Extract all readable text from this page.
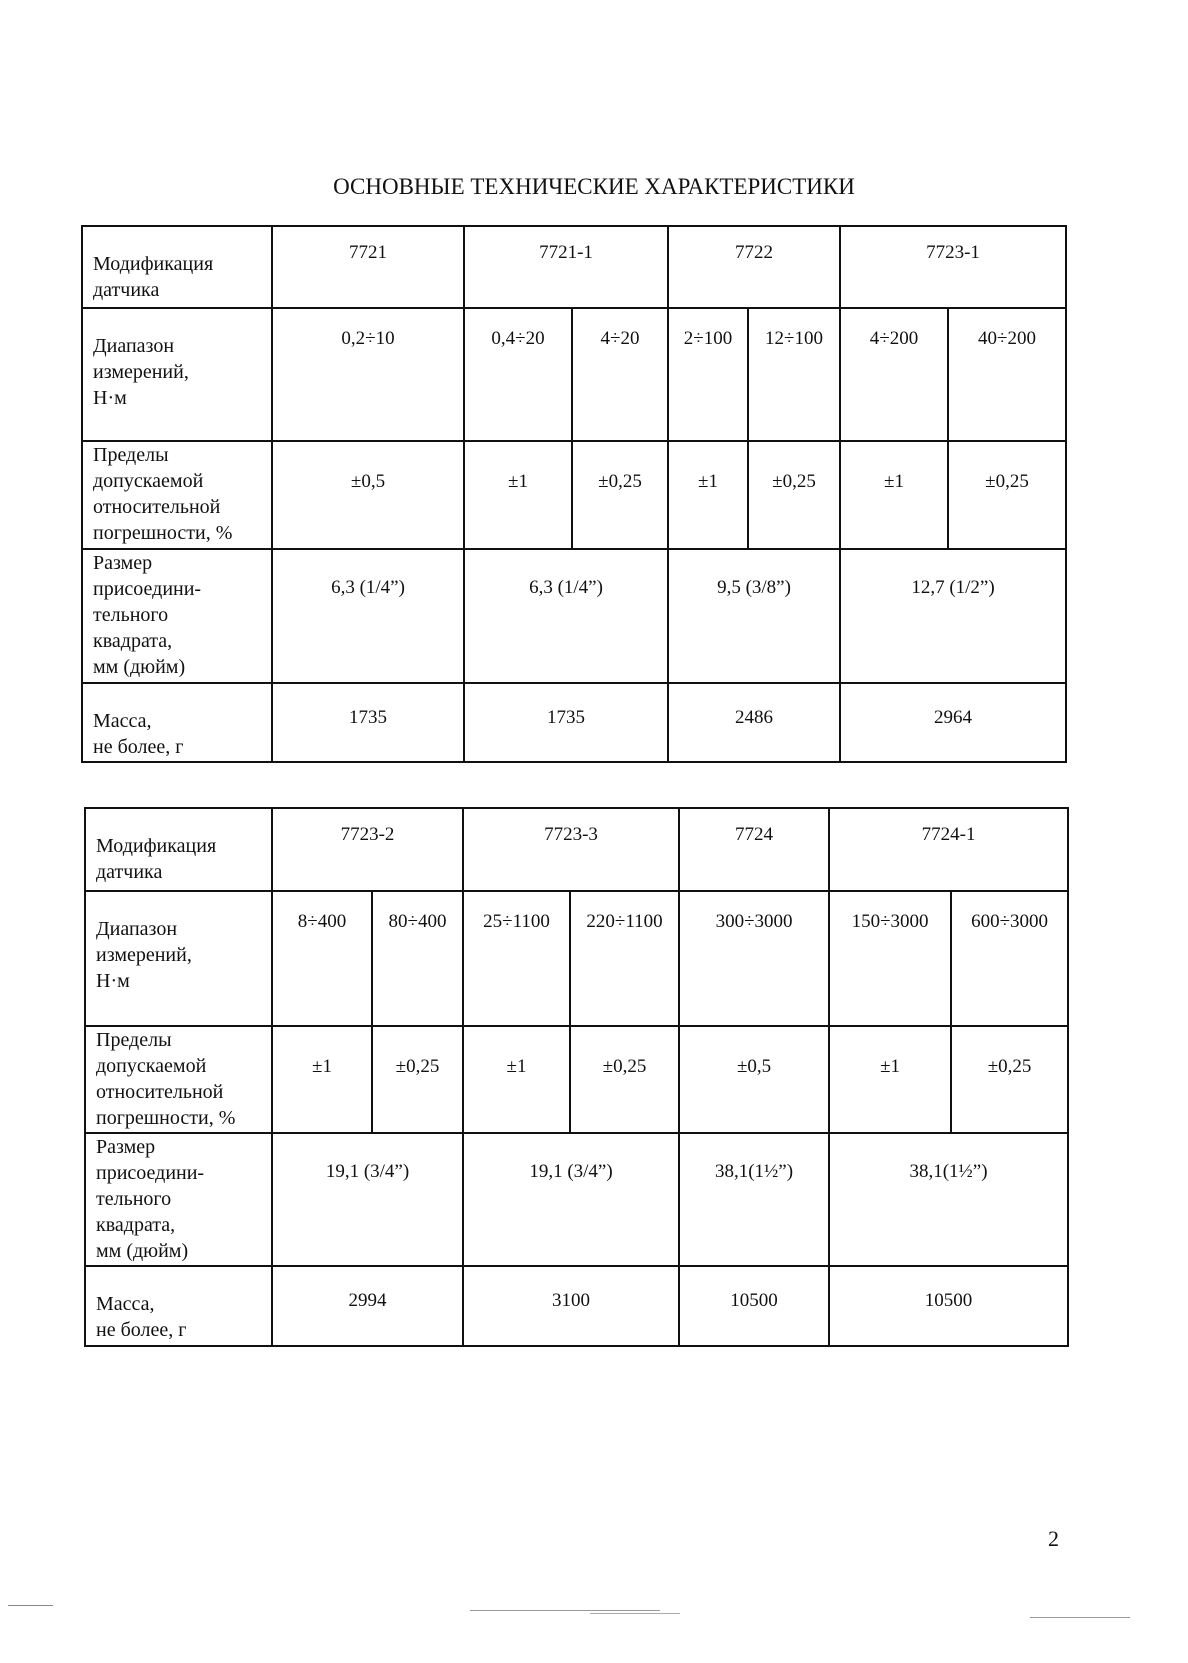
ОСНОВНЫЕ ТЕХНИЧЕСКИЕ ХАРАКТЕРИСТИКИ
Модификация
датчика	7721	7721-1		7722		7723-1	

Диапазон
измерений,
Н·м	0,2÷10	0,4÷20	4÷20	2÷100	12÷100	4÷200	40÷200

Пределы
допускаемой
относительной
погрешности, %	±0,5	±1	±0,25	±1	±0,25	±1	±0,25

Размер
присоедини-
тельного
квадрата,
мм (дюйм)	6,3 (1/4”)	6,3 (1/4”)		9,5 (3/8”)		12,7 (1/2”)	

Масса,
не более, г	1735	1735		2486		2964	
Модификация
датчика	7723-2		7723-3		7724	7724-1	

Диапазон
измерений,
Н·м	8÷400	80÷400	25÷1100	220÷1100	300÷3000	150÷3000	600÷3000

Пределы
допускаемой
относительной
погрешности, %	±1	±0,25	±1	±0,25	±0,5	±1	±0,25

Размер
присоедини-
тельного
квадрата,
мм (дюйм)	19,1 (3/4”)		19,1 (3/4”)		38,1(1½”)	38,1(1½”)	

Масса,
не более, г	2994		3100		10500	10500	
2
